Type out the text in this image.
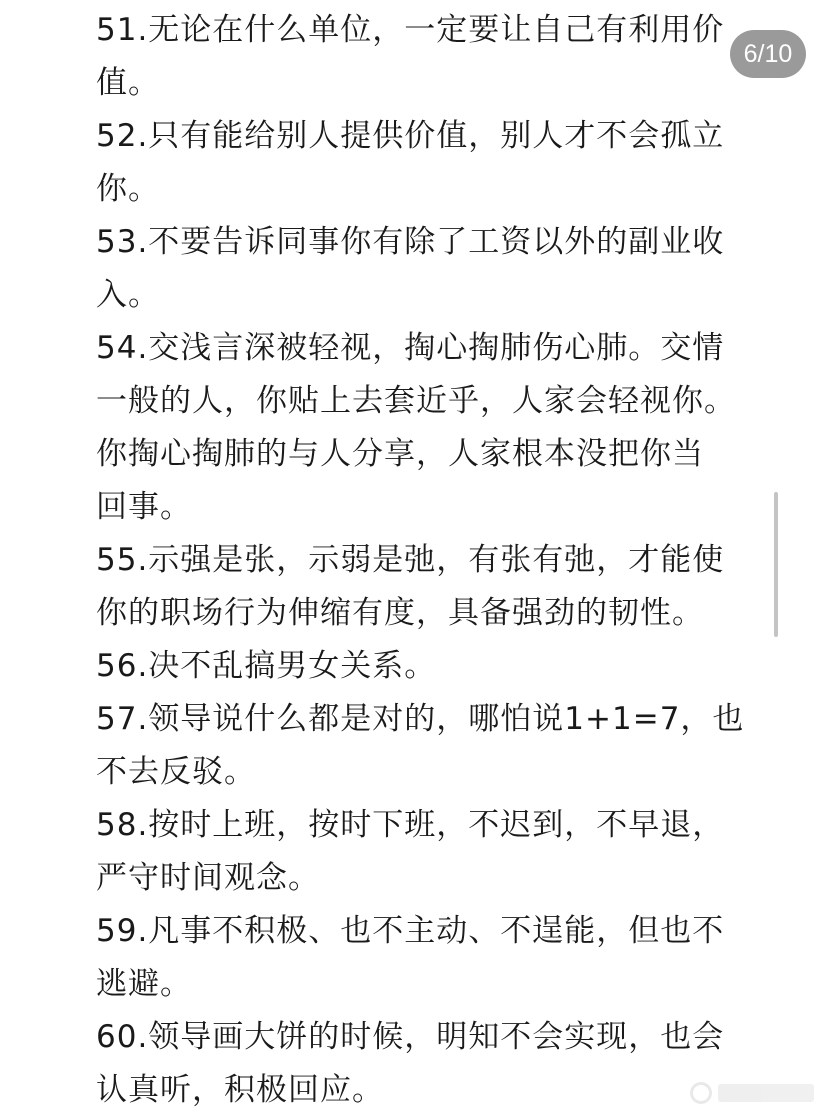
51.无论在什么单位，一定要让自己有利用价
值。
52.只有能给别人提供价值，别人才不会孤立
你。
53.不要告诉同事你有除了工资以外的副业收
入。
54.交浅言深被轻视，掏心掏肺伤心肺。交情
一般的人，你贴上去套近乎，人家会轻视你。
你掏心掏肺的与人分享，人家根本没把你当
回事。
55.示强是张，示弱是弛，有张有弛，才能使
你的职场行为伸缩有度，具备强劲的韧性。
56.决不乱搞男女关系。
57.领导说什么都是对的，哪怕说1+1=7，也
不去反驳。
58.按时上班，按时下班，不迟到，不早退，
严守时间观念。
59.凡事不积极、也不主动、不逞能，但也不
逃避。
60.领导画大饼的时候，明知不会实现，也会
认真听，积极回应。
6/10
